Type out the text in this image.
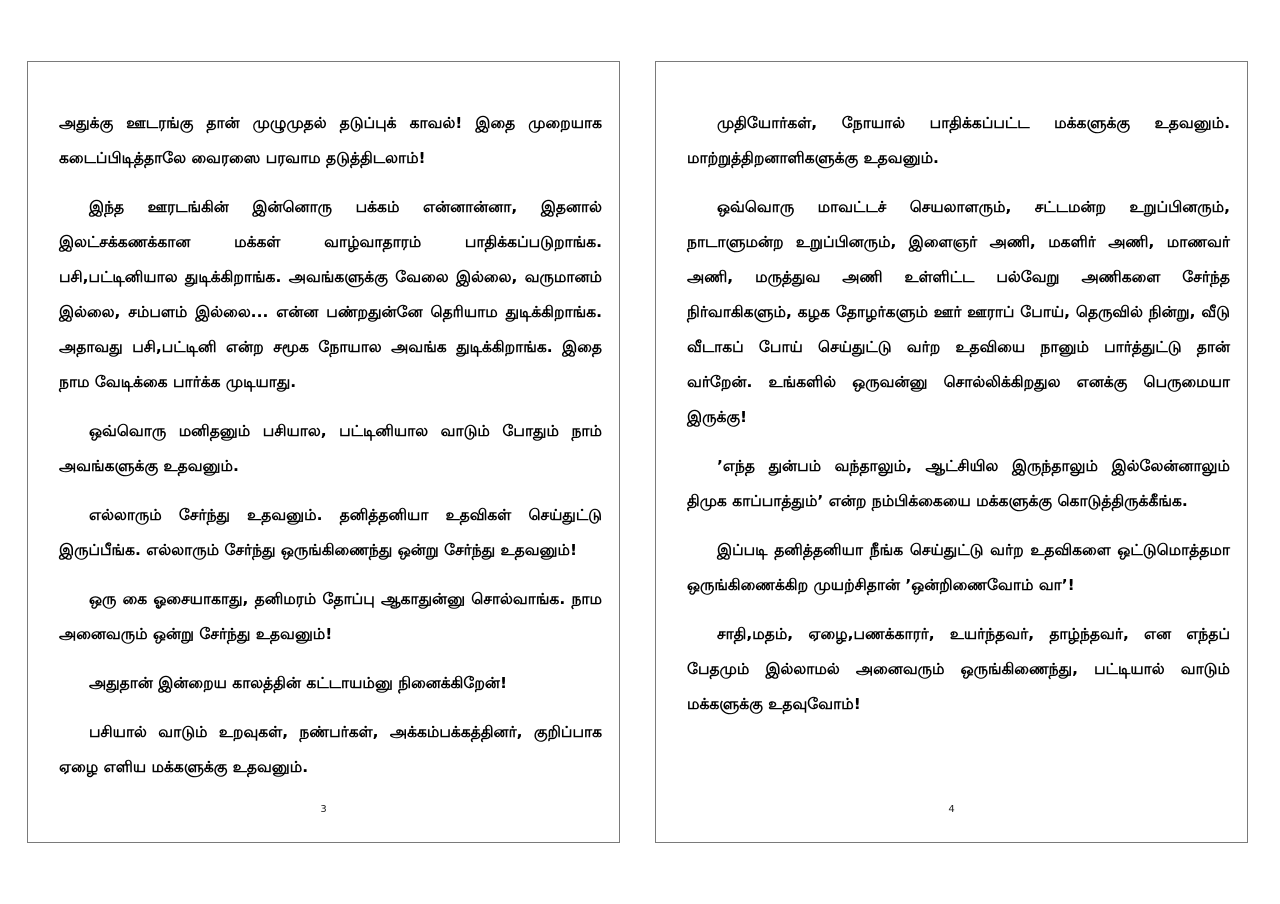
அதுக்கு ஊடரங்கு தான் முழுமுதல் தடுப்புக் காவல்! இதை முறையாக கடைப்பிடித்தாலே வைரஸை பரவாம தடுத்திடலாம்!

இந்த ஊரடங்கின் இன்னொரு பக்கம் என்னான்னா, இதனால் இலட்சக்கணக்கான மக்கள் வாழ்வாதாரம் பாதிக்கப்படுறாங்க. பசி,பட்டினியால துடிக்கிறாங்க. அவங்களுக்கு வேலை இல்லை, வருமானம் இல்லை, சம்பளம் இல்லை... என்ன பண்றதுன்னே தெரியாம துடிக்கிறாங்க. அதாவது பசி,பட்டினி என்ற சமூக நோயால அவங்க துடிக்கிறாங்க. இதை நாம வேடிக்கை பார்க்க முடியாது.

ஒவ்வொரு மனிதனும் பசியால, பட்டினியால வாடும் போதும் நாம் அவங்களுக்கு உதவனும்.

எல்லாரும் சேர்ந்து உதவனும். தனித்தனியா உதவிகள் செய்துட்டு இருப்பீங்க. எல்லாரும் சேர்ந்து ஒருங்கிணைந்து ஒன்று சேர்ந்து உதவனும்!

ஒரு கை ஓசையாகாது, தனிமரம் தோப்பு ஆகாதுன்னு சொல்வாங்க. நாம அனைவரும் ஒன்று சேர்ந்து உதவனும்!

அதுதான் இன்றைய காலத்தின் கட்டாயம்னு நினைக்கிறேன்!

பசியால் வாடும் உறவுகள், நண்பர்கள், அக்கம்பக்கத்தினர், குறிப்பாக ஏழை எளிய மக்களுக்கு உதவனும்.

3

முதியோர்கள், நோயால் பாதிக்கப்பட்ட மக்களுக்கு உதவனும். மாற்றுத்திறனாளிகளுக்கு உதவனும்.

ஒவ்வொரு மாவட்டச் செயலாளரும், சட்டமன்ற உறுப்பினரும், நாடாளுமன்ற உறுப்பினரும், இளைஞர் அணி, மகளிர் அணி, மாணவர் அணி, மருத்துவ அணி உள்ளிட்ட பல்வேறு அணிகளை சேர்ந்த நிர்வாகிகளும், கழக தோழர்களும் ஊர் ஊராப் போய், தெருவில் நின்று, வீடு வீடாகப் போய் செய்துட்டு வர்ற உதவியை நானும் பார்த்துட்டு தான் வர்றேன். உங்களில் ஒருவன்னு சொல்லிக்கிறதுல எனக்கு பெருமையா இருக்கு!

’எந்த துன்பம் வந்தாலும், ஆட்சியில இருந்தாலும் இல்லேன்னாலும் திமுக காப்பாத்தும்’ என்ற நம்பிக்கையை மக்களுக்கு கொடுத்திருக்கீங்க.

இப்படி தனித்தனியா நீங்க செய்துட்டு வர்ற உதவிகளை ஒட்டுமொத்தமா ஒருங்கிணைக்கிற முயற்சிதான் ’ஒன்றிணைவோம் வா’!

சாதி,மதம், ஏழை,பணக்காரர், உயர்ந்தவர், தாழ்ந்தவர், என எந்தப் பேதமும் இல்லாமல் அனைவரும் ஒருங்கிணைந்து, பட்டியால் வாடும் மக்களுக்கு உதவுவோம்!

4
